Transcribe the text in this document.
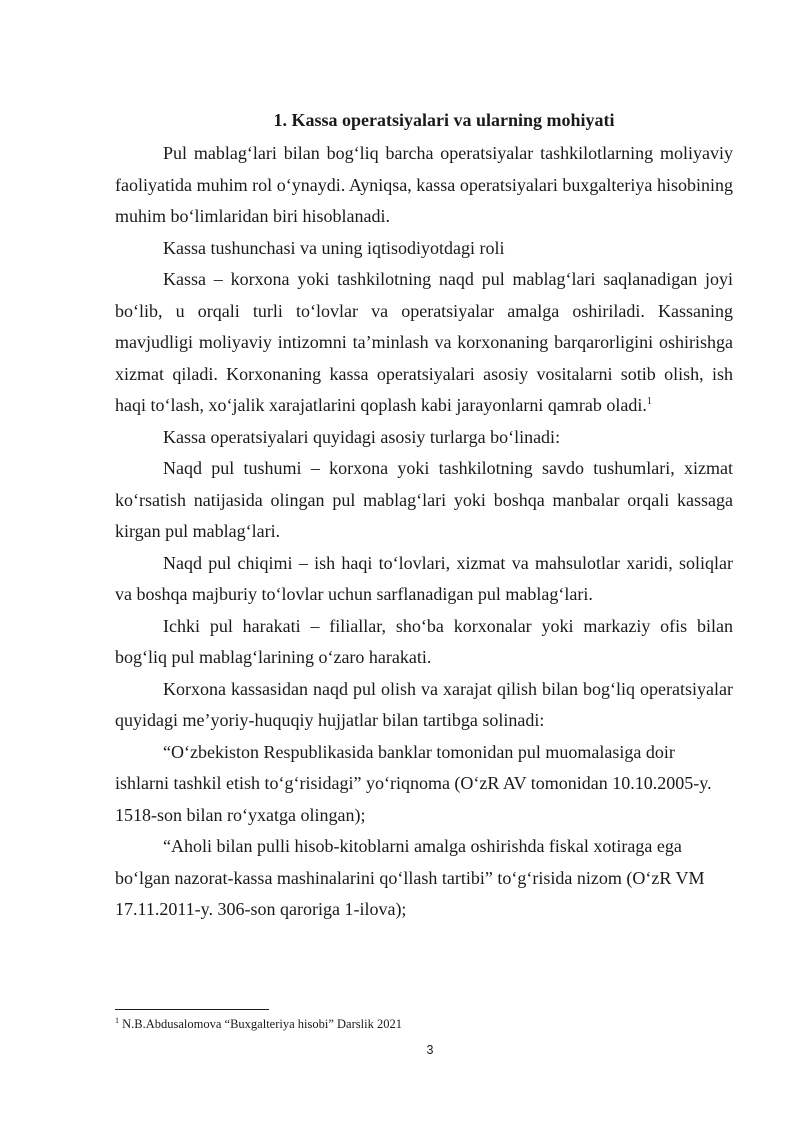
1. Kassa operatsiyalari va ularning mohiyati

Pul mablag‘lari bilan bog‘liq barcha operatsiyalar tashkilotlarning moliyaviy faoliyatida muhim rol o‘ynaydi. Ayniqsa, kassa operatsiyalari buxgalteriya hisobining muhim bo‘limlaridan biri hisoblanadi.

Kassa tushunchasi va uning iqtisodiyotdagi roli

Kassa – korxona yoki tashkilotning naqd pul mablag‘lari saqlanadigan joyi bo‘lib, u orqali turli to‘lovlar va operatsiyalar amalga oshiriladi. Kassaning mavjudligi moliyaviy intizomni ta’minlash va korxonaning barqarorligini oshirishga xizmat qiladi. Korxonaning kassa operatsiyalari asosiy vositalarni sotib olish, ish haqi to‘lash, xo‘jalik xarajatlarini qoplash kabi jarayonlarni qamrab oladi.$^1$

Kassa operatsiyalari quyidagi asosiy turlarga bo‘linadi:

Naqd pul tushumi – korxona yoki tashkilotning savdo tushumlari, xizmat ko‘rsatish natijasida olingan pul mablag‘lari yoki boshqa manbalar orqali kassaga kirgan pul mablag‘lari.

Naqd pul chiqimi – ish haqi to‘lovlari, xizmat va mahsulotlar xaridi, soliqlar va boshqa majburiy to‘lovlar uchun sarflanadigan pul mablag‘lari.

Ichki pul harakati – filiallar, sho‘ba korxonalar yoki markaziy ofis bilan bog‘liq pul mablag‘larining o‘zaro harakati.

Korxona kassasidan naqd pul olish va xarajat qilish bilan bog‘liq operatsiyalar quyidagi me’yoriy-huquqiy hujjatlar bilan tartibga solinadi:

“O‘zbekiston Respublikasida banklar tomonidan pul muomalasiga doir ishlarni tashkil etish to‘g‘risidagi” yo‘riqnoma (O‘zR AV tomonidan 10.10.2005-y. 1518-son bilan ro‘yxatga olingan);

“Aholi bilan pulli hisob-kitoblarni amalga oshirishda fiskal xotiraga ega bo‘lgan nazorat-kassa mashinalarini qo‘llash tartibi” to‘g‘risida nizom (O‘zR VM 17.11.2011-y. 306-son qaroriga 1-ilova);

$^1$ N.B.Abdusalomova “Buxgalteriya hisobi” Darslik 2021
3
